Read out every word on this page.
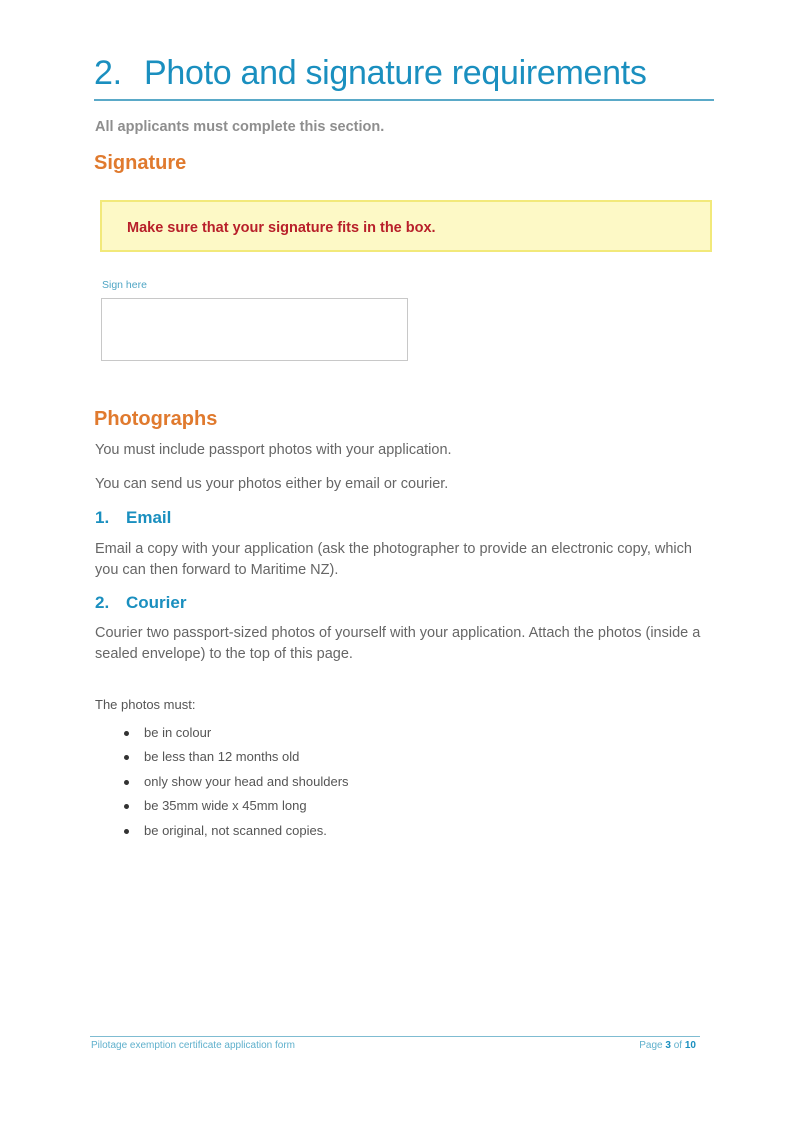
2. Photo and signature requirements
All applicants must complete this section.
Signature
Make sure that your signature fits in the box.
Sign here
Photographs
You must include passport photos with your application.
You can send us your photos either by email or courier.
1. Email
Email a copy with your application (ask the photographer to provide an electronic copy, which you can then forward to Maritime NZ).
2. Courier
Courier two passport-sized photos of yourself with your application. Attach the photos (inside a sealed envelope) to the top of this page.
The photos must:
be in colour
be less than 12 months old
only show your head and shoulders
be 35mm wide x 45mm long
be original, not scanned copies.
Pilotage exemption certificate application form	Page 3 of 10
